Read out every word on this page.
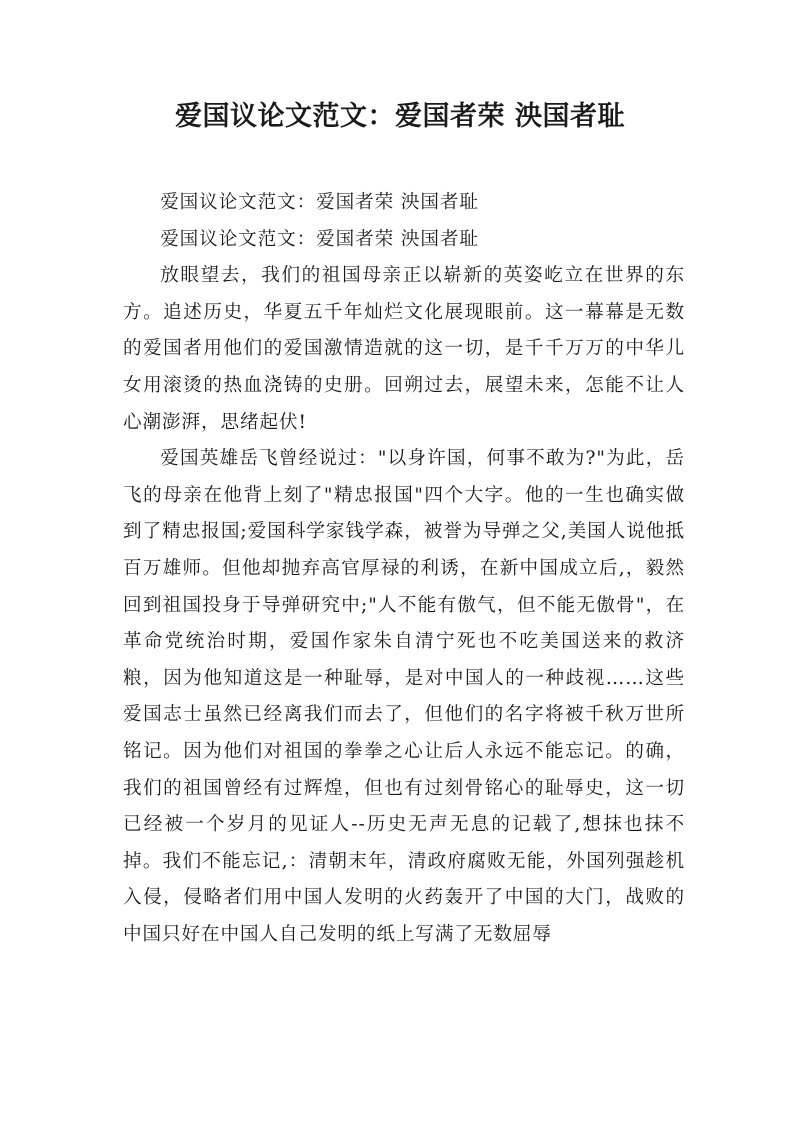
爱国议论文范文：爱国者荣 泱国者耻

爱国议论文范文：爱国者荣 泱国者耻

爱国议论文范文：爱国者荣 泱国者耻

放眼望去，我们的祖国母亲正以崭新的英姿屹立在世界的东方。追述历史，华夏五千年灿烂文化展现眼前。这一幕幕是无数的爱国者用他们的爱国激情造就的这一切，是千千万万的中华儿女用滚烫的热血浇铸的史册。回朔过去，展望未来，怎能不让人心潮澎湃，思绪起伏!

爱国英雄岳飞曾经说过："以身许国，何事不敢为?"为此，岳飞的母亲在他背上刻了"精忠报国"四个大字。他的一生也确实做到了精忠报国;爱国科学家钱学森，被誉为导弹之父,美国人说他抵百万雄师。但他却抛弃高官厚禄的利诱，在新中国成立后,，毅然回到祖国投身于导弹研究中;"人不能有傲气，但不能无傲骨"，在革命党统治时期，爱国作家朱自清宁死也不吃美国送来的救济粮，因为他知道这是一种耻辱，是对中国人的一种歧视……这些爱国志士虽然已经离我们而去了，但他们的名字将被千秋万世所铭记。因为他们对祖国的拳拳之心让后人永远不能忘记。的确，我们的祖国曾经有过辉煌，但也有过刻骨铭心的耻辱史，这一切已经被一个岁月的见证人--历史无声无息的记载了,想抹也抹不掉。我们不能忘记,：清朝末年，清政府腐败无能，外国列强趁机入侵，侵略者们用中国人发明的火药轰开了中国的大门，战败的中国只好在中国人自己发明的纸上写满了无数屈辱
